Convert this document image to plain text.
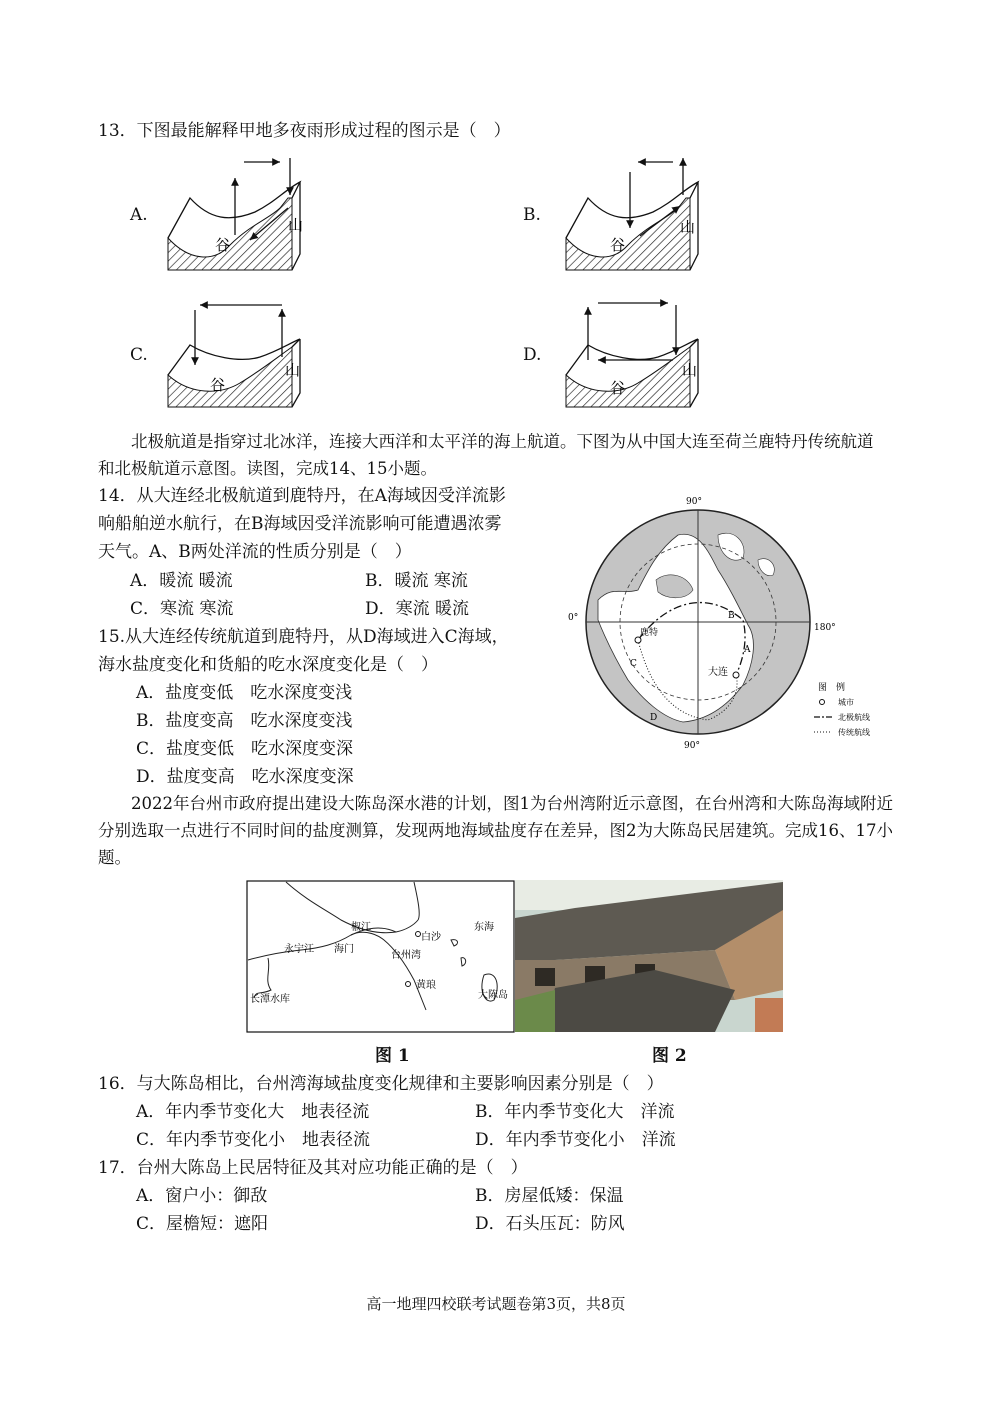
13．下图最能解释甲地多夜雨形成过程的图示是（　）
A.
谷
山	B.
谷
山
C.
谷
山
D.
谷
山
北极航道是指穿过北冰洋，连接大西洋和太平洋的海上航道。下图为从中国大连至荷兰鹿特丹传统航道和北极航道示意图。读图，完成14、15小题。
14．从大连经北极航道到鹿特丹，在A海域因受洋流影
响船舶逆水航行，在B海域因受洋流影响可能遭遇浓雾
天气。A、B两处洋流的性质分别是（　）
A．暖流 暖流	B．暖流 寒流
C．寒流 寒流	D．寒流 暖流
15.从大连经传统航道到鹿特丹，从D海域进入C海域，
海水盐度变化和货船的吃水深度变化是（　）
A．盐度变低　吃水深度变浅
B．盐度变高　吃水深度变浅
C．盐度变低　吃水深度变深
D．盐度变高　吃水深度变深
90°
0°
180°
90°
鹿特
大连
A
B
C
D
图　例
城市
北极航线
传统航线
2022年台州市政府提出建设大陈岛深水港的计划，图1为台州湾附近示意图，在台州湾和大陈岛海域附近分别选取一点进行不同时间的盐度测算，发现两地海域盐度存在差异，图2为大陈岛民居建筑。完成16、17小题。
椒江
海门
永宁江
白沙
东海
台州湾
黄琅
大陈岛
长潭水库
图 1	图 2
16．与大陈岛相比，台州湾海域盐度变化规律和主要影响因素分别是（　）
A．年内季节变化大　地表径流	B．年内季节变化大　洋流
C．年内季节变化小　地表径流	D．年内季节变化小　洋流
17．台州大陈岛上民居特征及其对应功能正确的是（　）
A．窗户小：御敌	B．房屋低矮：保温
C．屋檐短：遮阳	D．石头压瓦：防风
高一地理四校联考试题卷第3页，共8页
